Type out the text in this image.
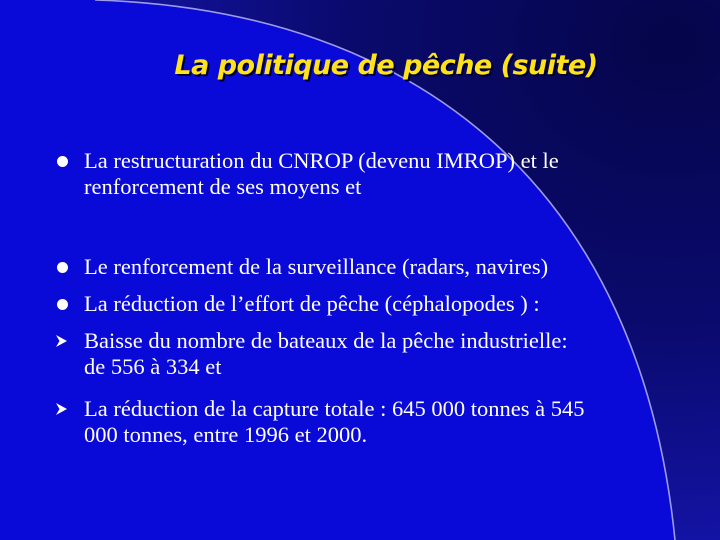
La politique de pêche (suite)
La restructuration du CNROP (devenu IMROP) et le
renforcement de ses moyens et
Le renforcement de la surveillance (radars, navires)
La réduction de l’effort de pêche (céphalopodes ) :
Baisse du nombre de bateaux de la pêche industrielle:
de 556 à 334 et
La réduction de la capture totale : 645 000 tonnes à 545
000 tonnes, entre 1996 et 2000.
